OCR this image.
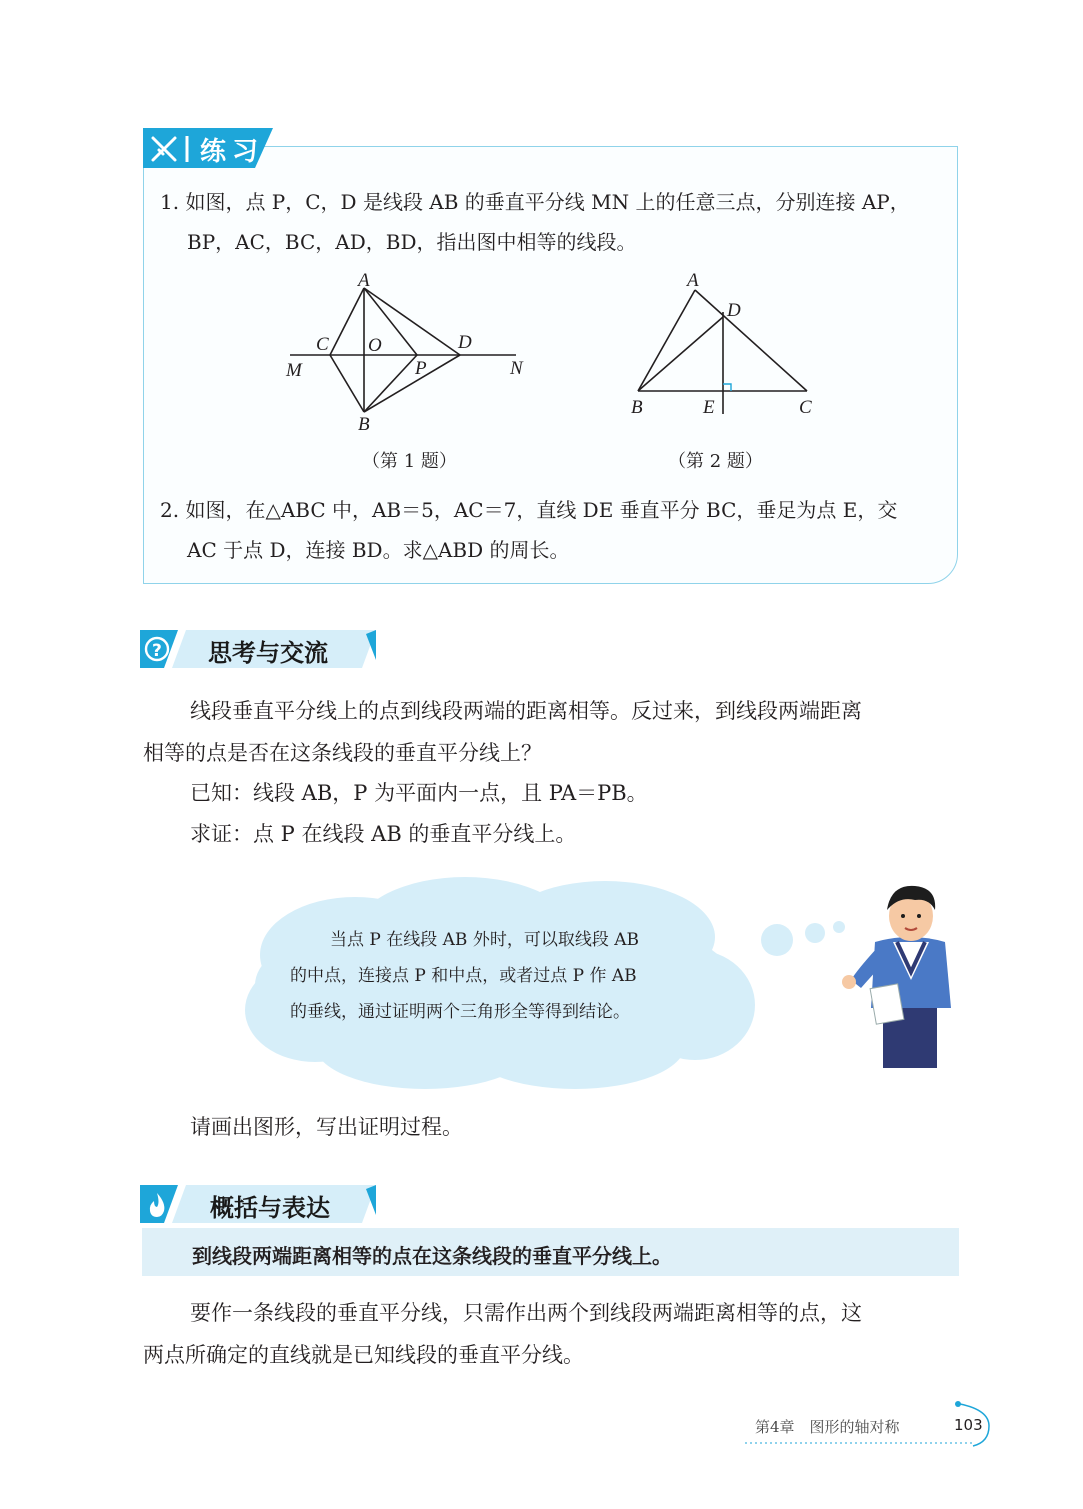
练习
1. 如图，点 P，C，D 是线段 AB 的垂直平分线 MN 上的任意三点，分别连接 AP，
BP，AC，BC，AD，BD，指出图中相等的线段。
A
B
C O	D
P
M	N
（第 1 题）
A
D
B	E	C
（第 2 题）
2. 如图，在△ABC 中，AB＝5，AC＝7，直线 DE 垂直平分 BC，垂足为点 E，交
AC 于点 D，连接 BD。求△ABD 的周长。
? 思考与交流
线段垂直平分线上的点到线段两端的距离相等。反过来，到线段两端距离
相等的点是否在这条线段的垂直平分线上？
已知：线段 AB，P 为平面内一点，且 PA＝PB。
求证：点 P 在线段 AB 的垂直平分线上。
当点 P 在线段 AB 外时，可以取线段 AB
的中点，连接点 P 和中点，或者过点 P 作 AB
的垂线，通过证明两个三角形全等得到结论。
请画出图形，写出证明过程。
概括与表达
到线段两端距离相等的点在这条线段的垂直平分线上。
要作一条线段的垂直平分线，只需作出两个到线段两端距离相等的点，这
两点所确定的直线就是已知线段的垂直平分线。
第4章　图形的轴对称	103
